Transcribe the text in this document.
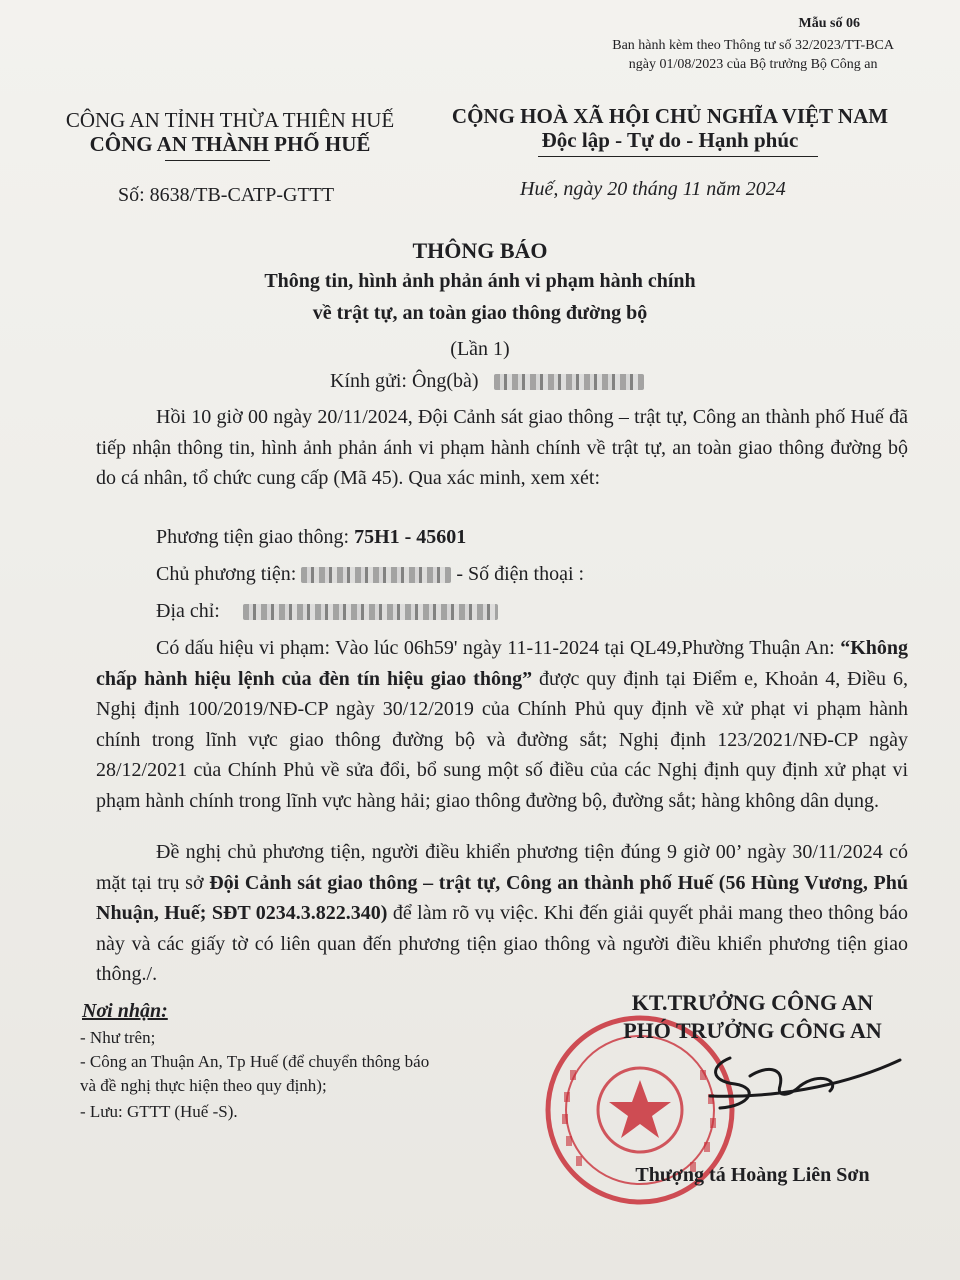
Mẫu số 06
Ban hành kèm theo Thông tư số 32/2023/TT-BCA
ngày 01/08/2023 của Bộ trưởng Bộ Công an
CÔNG AN TỈNH THỪA THIÊN HUẾ
CÔNG AN THÀNH PHỐ HUẾ
CỘNG HOÀ XÃ HỘI CHỦ NGHĨA VIỆT NAM
Độc lập - Tự do - Hạnh phúc
Số: 8638/TB-CATP-GTTT	Huế, ngày 20 tháng 11 năm 2024
THÔNG BÁO
Thông tin, hình ảnh phản ánh vi phạm hành chính
về trật tự, an toàn giao thông đường bộ
(Lần 1)
Kính gửi: Ông(bà)
Hồi 10 giờ 00 ngày 20/11/2024, Đội Cảnh sát giao thông – trật tự, Công an thành phố Huế đã tiếp nhận thông tin, hình ảnh phản ánh vi phạm hành chính về trật tự, an toàn giao thông đường bộ do cá nhân, tổ chức cung cấp (Mã 45). Qua xác minh, xem xét:
Phương tiện giao thông: 75H1 - 45601
Chủ phương tiện:	- Số điện thoại :
Địa chỉ:
Có dấu hiệu vi phạm: Vào lúc 06h59' ngày 11-11-2024 tại QL49,Phường Thuận An: “Không chấp hành hiệu lệnh của đèn tín hiệu giao thông” được quy định tại Điểm e, Khoản 4, Điều 6, Nghị định 100/2019/NĐ-CP ngày 30/12/2019 của Chính Phủ quy định về xử phạt vi phạm hành chính trong lĩnh vực giao thông đường bộ và đường sắt; Nghị định 123/2021/NĐ-CP ngày 28/12/2021 của Chính Phủ về sửa đổi, bổ sung một số điều của các Nghị định quy định xử phạt vi phạm hành chính trong lĩnh vực hàng hải; giao thông đường bộ, đường sắt; hàng không dân dụng.
Đề nghị chủ phương tiện, người điều khiển phương tiện đúng 9 giờ 00’ ngày 30/11/2024 có mặt tại trụ sở Đội Cảnh sát giao thông – trật tự, Công an thành phố Huế (56 Hùng Vương, Phú Nhuận, Huế; SĐT 0234.3.822.340) để làm rõ vụ việc. Khi đến giải quyết phải mang theo thông báo này và các giấy tờ có liên quan đến phương tiện giao thông và người điều khiển phương tiện giao thông./.
Nơi nhận:
- Như trên;
- Công an Thuận An, Tp Huế (để chuyển thông báo
và đề nghị thực hiện theo quy định);
- Lưu: GTTT (Huế -S).
KT.TRƯỞNG CÔNG AN
PHÓ TRƯỞNG CÔNG AN
Thượng tá Hoàng Liên Sơn
